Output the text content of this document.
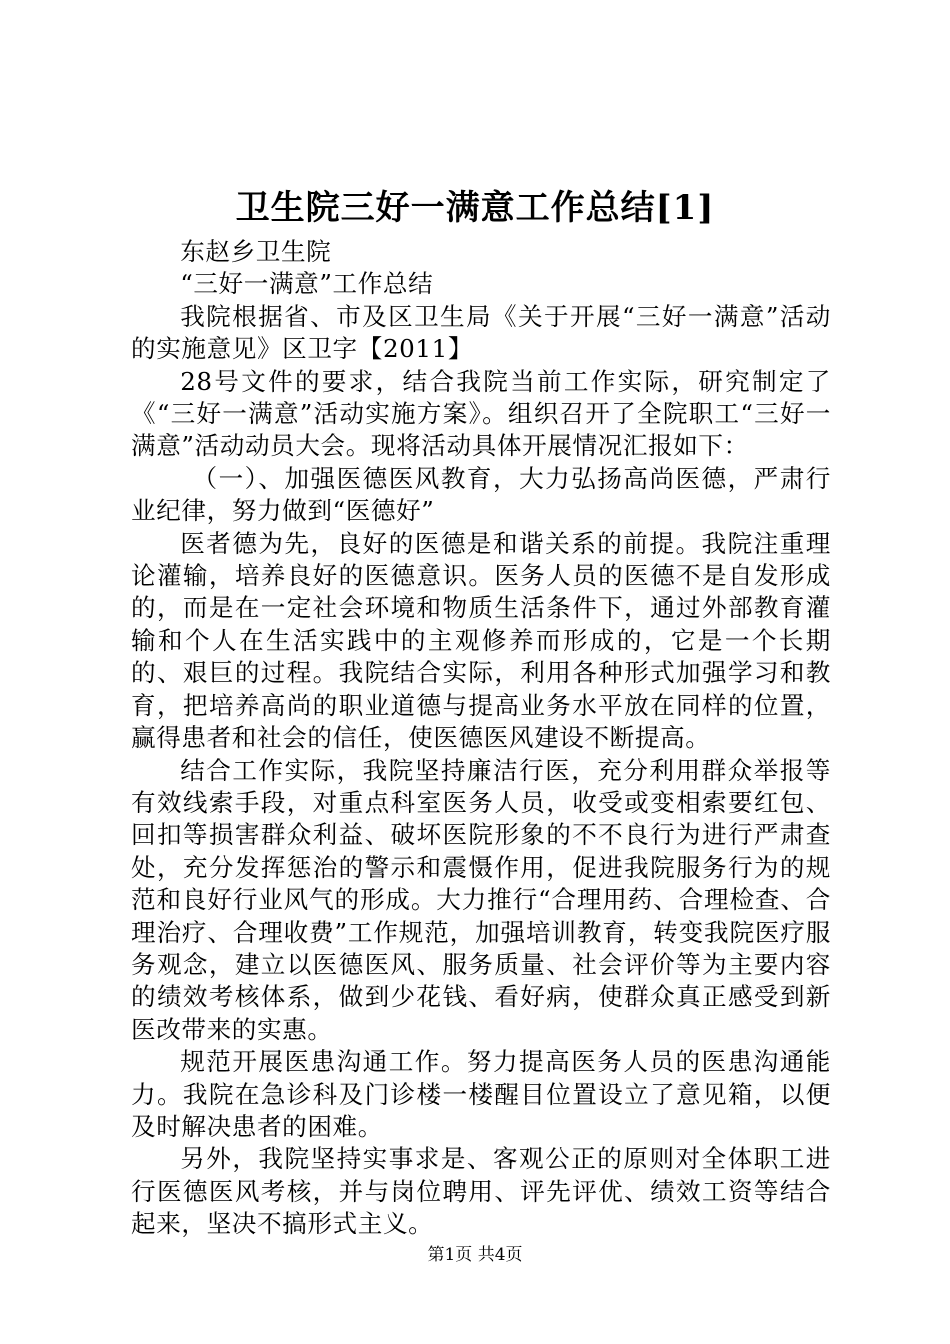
卫生院三好一满意工作总结[1]

东赵乡卫生院

“三好一满意”工作总结

我院根据省、市及区卫生局《关于开展“三好一满意”活动的实施意见》区卫字【2011】

28号文件的要求，结合我院当前工作实际，研究制定了《“三好一满意”活动实施方案》。组织召开了全院职工“三好一满意”活动动员大会。现将活动具体开展情况汇报如下：

（一）、加强医德医风教育，大力弘扬高尚医德，严肃行业纪律，努力做到“医德好”

医者德为先，良好的医德是和谐关系的前提。我院注重理论灌输，培养良好的医德意识。医务人员的医德不是自发形成的，而是在一定社会环境和物质生活条件下，通过外部教育灌输和个人在生活实践中的主观修养而形成的，它是一个长期的、艰巨的过程。我院结合实际，利用各种形式加强学习和教育，把培养高尚的职业道德与提高业务水平放在同样的位置，赢得患者和社会的信任，使医德医风建设不断提高。

结合工作实际，我院坚持廉洁行医，充分利用群众举报等有效线索手段，对重点科室医务人员，收受或变相索要红包、回扣等损害群众利益、破坏医院形象的不不良行为进行严肃查处，充分发挥惩治的警示和震慑作用，促进我院服务行为的规范和良好行业风气的形成。大力推行“合理用药、合理检查、合理治疗、合理收费”工作规范，加强培训教育，转变我院医疗服务观念，建立以医德医风、服务质量、社会评价等为主要内容的绩效考核体系，做到少花钱、看好病，使群众真正感受到新医改带来的实惠。

规范开展医患沟通工作。努力提高医务人员的医患沟通能力。我院在急诊科及门诊楼一楼醒目位置设立了意见箱，以便及时解决患者的困难。

另外，我院坚持实事求是、客观公正的原则对全体职工进行医德医风考核，并与岗位聘用、评先评优、绩效工资等结合起来，坚决不搞形式主义。

第1页 共4页
